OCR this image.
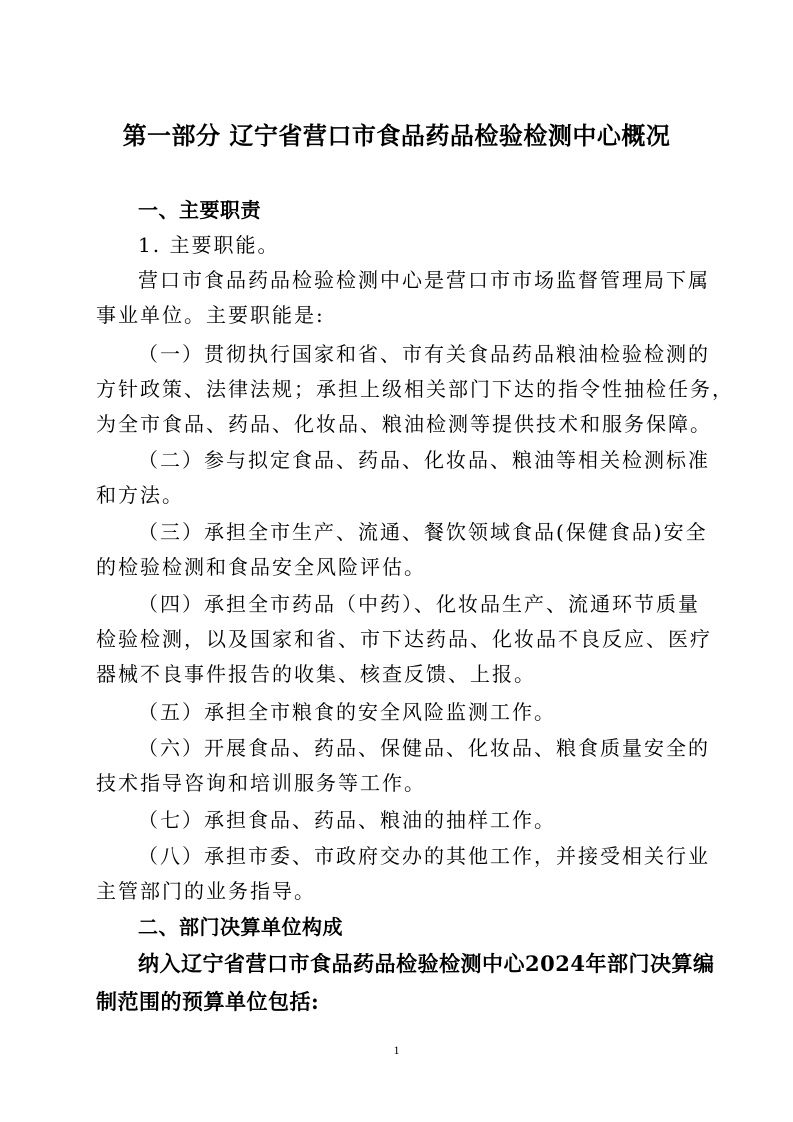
第一部分 辽宁省营口市食品药品检验检测中心概况
一、主要职责
1. 主要职能。
营口市食品药品检验检测中心是营口市市场监督管理局下属
事业单位。主要职能是:
（一）贯彻执行国家和省、市有关食品药品粮油检验检测的
方针政策、法律法规；承担上级相关部门下达的指令性抽检任务，
为全市食品、药品、化妆品、粮油检测等提供技术和服务保障。
（二）参与拟定食品、药品、化妆品、粮油等相关检测标准
和方法。
（三）承担全市生产、流通、餐饮领域食品(保健食品)安全
的检验检测和食品安全风险评估。
（四）承担全市药品（中药）、化妆品生产、流通环节质量
检验检测，以及国家和省、市下达药品、化妆品不良反应、医疗
器械不良事件报告的收集、核查反馈、上报。
（五）承担全市粮食的安全风险监测工作。
（六）开展食品、药品、保健品、化妆品、粮食质量安全的
技术指导咨询和培训服务等工作。
（七）承担食品、药品、粮油的抽样工作。
（八）承担市委、市政府交办的其他工作，并接受相关行业
主管部门的业务指导。
二、部门决算单位构成
纳入辽宁省营口市食品药品检验检测中心2024年部门决算编
制范围的预算单位包括:
1
